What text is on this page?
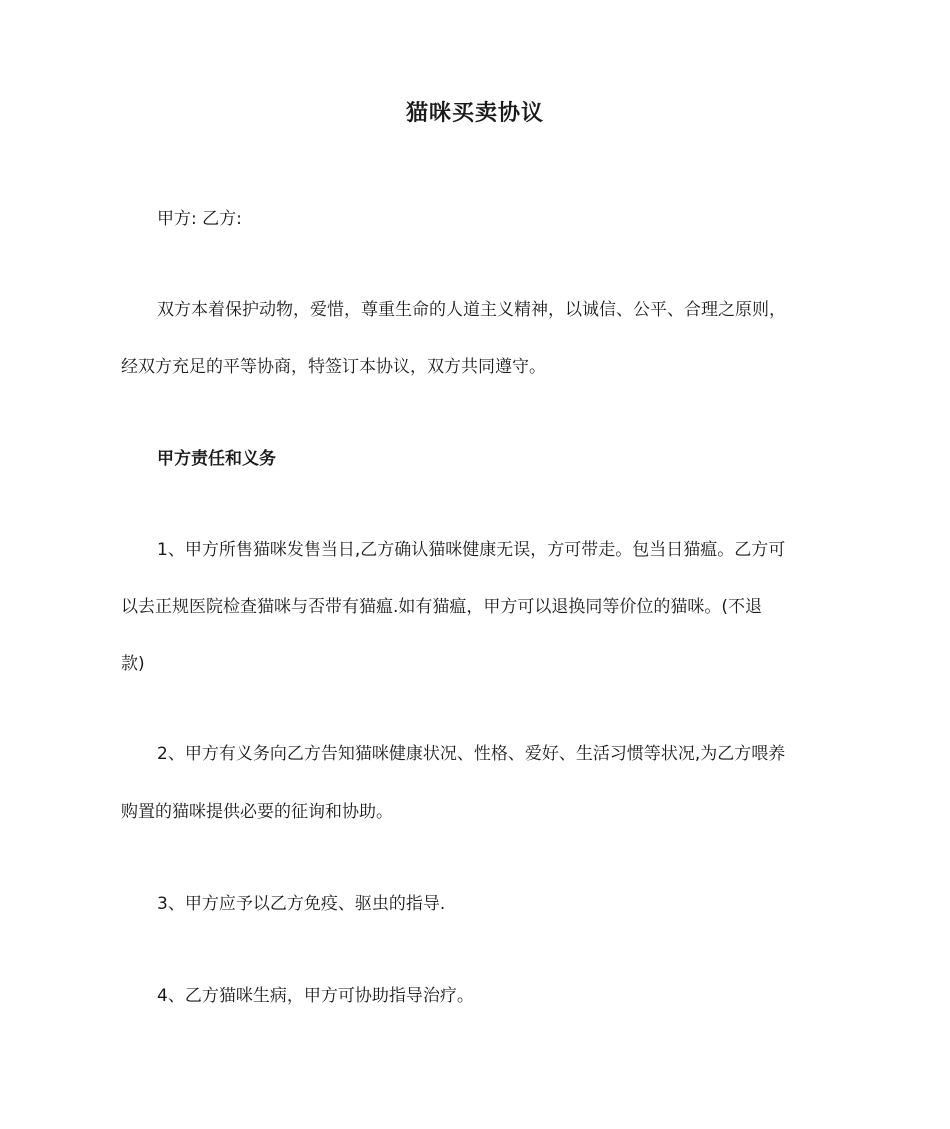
猫咪买卖协议
甲方: 乙方:
双方本着保护动物，爱惜，尊重生命的人道主义精神，以诚信、公平、合理之原则，
经双方充足的平等协商，特签订本协议，双方共同遵守。
甲方责任和义务
1、甲方所售猫咪发售当日,乙方确认猫咪健康无误，方可带走。包当日猫瘟。乙方可
以去正规医院检查猫咪与否带有猫瘟.如有猫瘟，甲方可以退换同等价位的猫咪。(不退
款)
2、甲方有义务向乙方告知猫咪健康状况、性格、爱好、生活习惯等状况,为乙方喂养
购置的猫咪提供必要的征询和协助。
3、甲方应予以乙方免疫、驱虫的指导.
4、乙方猫咪生病，甲方可协助指导治疗。
